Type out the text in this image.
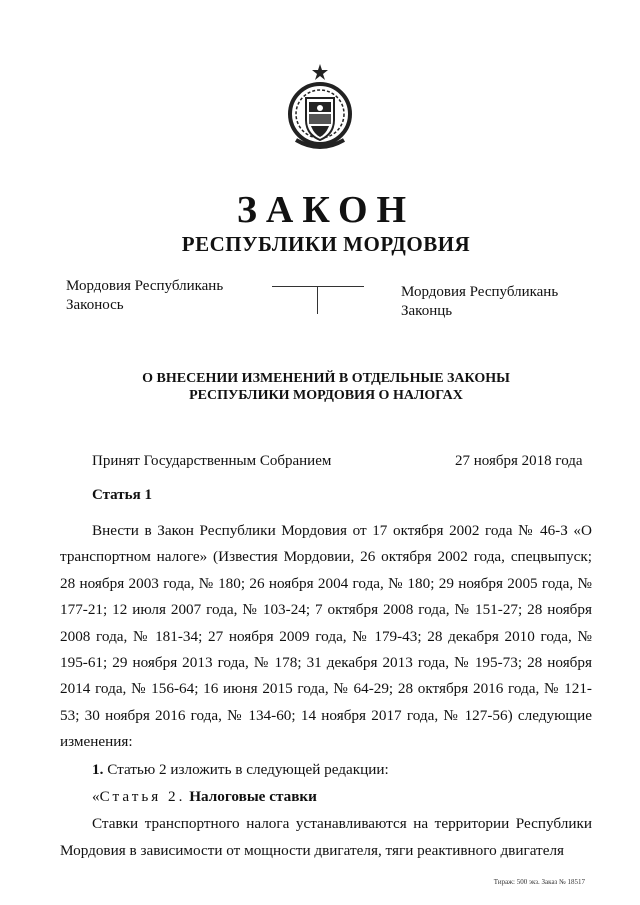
ЗАКОН
РЕСПУБЛИКИ МОРДОВИЯ
Мордовия Республикань
Законось
Мордовия Республикань
Законць
О ВНЕСЕНИИ ИЗМЕНЕНИЙ В ОТДЕЛЬНЫЕ ЗАКОНЫ
РЕСПУБЛИКИ МОРДОВИЯ О НАЛОГАХ
Принят Государственным Собранием	27 ноября 2018 года
Статья 1

Внести в Закон Республики Мордовия от 17 октября 2002 года № 46-З «О транспортном налоге» (Известия Мордовии, 26 октября 2002 года, спецвыпуск; 28 ноября 2003 года, № 180; 26 ноября 2004 года, № 180; 29 ноября 2005 года, № 177-21; 12 июля 2007 года, № 103-24; 7 октября 2008 года, № 151-27; 28 ноября 2008 года, № 181-34; 27 ноября 2009 года, № 179-43; 28 декабря 2010 года, № 195-61; 29 ноября 2013 года, № 178; 31 декабря 2013 года, № 195-73; 28 ноября 2014 года, № 156-64; 16 июня 2015 года, № 64-29; 28 октября 2016 года, № 121-53; 30 ноября 2016 года, № 134-60; 14 ноября 2017 года, № 127-56) следующие изменения:

1. Статью 2 изложить в следующей редакции:

«Статья 2. Налоговые ставки

Ставки транспортного налога устанавливаются на территории Республики Мордовия в зависимости от мощности двигателя, тяги реактивного двигателя

Тираж: 500 экз. Заказ № 18517
